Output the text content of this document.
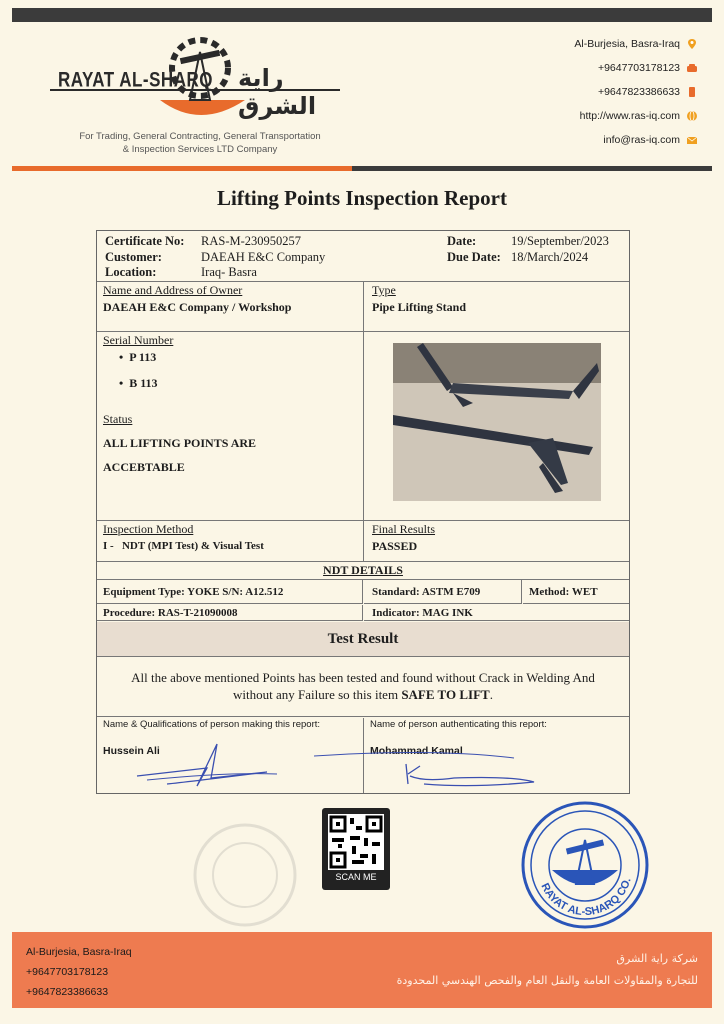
RAYAT AL-SHARQ راية الشرق
For Trading, General Contracting, General Transportation
& Inspection Services LTD Company
Al-Burjesia, Basra-Iraq
+9647703178123
+9647823386633
http://www.ras-iq.com
info@ras-iq.com
Lifting Points Inspection Report
Certificate No: RAS-M-230950257
Customer:	DAEAH E&C Company
Location:	Iraq- Basra
Date:	19/September/2023
Due Date: 18/March/2024
Name and Address of Owner
DAEAH E&C Company / Workshop
Type
Pipe Lifting Stand
Serial Number
•  P 113
•  B 113
Status
ALL LIFTING POINTS ARE
ACCEBTABLE
Inspection Method
I - NDT (MPI Test) & Visual Test
Final Results
PASSED
NDT DETAILS
Equipment Type: YOKE S/N: A12.512	Standard: ASTM E709	Method: WET
Procedure: RAS-T-21090008	Indicator: MAG INK
Test Result
All the above mentioned Points has been tested and found without Crack in Welding And
without any Failure so this item SAFE TO LIFT.
Name & Qualifications of person making this report:
Hussein Ali
Name of person authenticating this report:
Mohammad Kamal
SCAN ME
RAYAT AL-SHARQ CO.
Al-Burjesia, Basra-Iraq
+9647703178123
+9647823386633
شركة راية الشرق
للتجارة والمقاولات العامة والنقل العام والفحص الهندسي المحدودة
